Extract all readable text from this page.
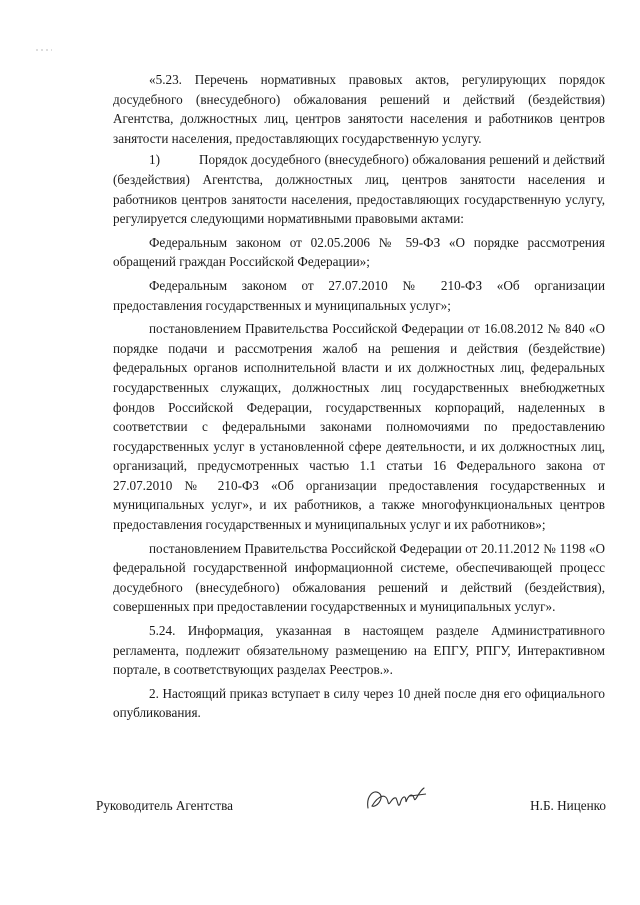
«5.23. Перечень нормативных правовых актов, регулирующих порядок досудебного (внесудебного) обжалования решений и действий (бездействия) Агентства, должностных лиц, центров занятости населения и работников центров занятости населения, предоставляющих государственную услугу.

1)	Порядок досудебного (внесудебного) обжалования решений и действий (бездействия) Агентства, должностных лиц, центров занятости населения и работников центров занятости населения, предоставляющих государственную услугу, регулируется следующими нормативными правовыми актами:

Федеральным законом от 02.05.2006 № 59-ФЗ «О порядке рассмотрения обращений граждан Российской Федерации»;

Федеральным законом от 27.07.2010 № 210-ФЗ «Об организации предоставления государственных и муниципальных услуг»;

постановлением Правительства Российской Федерации от 16.08.2012 № 840 «О порядке подачи и рассмотрения жалоб на решения и действия (бездействие) федеральных органов исполнительной власти и их должностных лиц, федеральных государственных служащих, должностных лиц государственных внебюджетных фондов Российской Федерации, государственных корпораций, наделенных в соответствии с федеральными законами полномочиями по предоставлению государственных услуг в установленной сфере деятельности, и их должностных лиц, организаций, предусмотренных частью 1.1 статьи 16 Федерального закона от 27.07.2010 № 210-ФЗ «Об организации предоставления государственных и муниципальных услуг», и их работников, а также многофункциональных центров предоставления государственных и муниципальных услуг и их работников»;

постановлением Правительства Российской Федерации от 20.11.2012 № 1198 «О федеральной государственной информационной системе, обеспечивающей процесс досудебного (внесудебного) обжалования решений и действий (бездействия), совершенных при предоставлении государственных и муниципальных услуг».

5.24. Информация, указанная в настоящем разделе Административного регламента, подлежит обязательному размещению на ЕПГУ, РПГУ, Интерактивном портале, в соответствующих разделах Реестров.».

2. Настоящий приказ вступает в силу через 10 дней после дня его официального опубликования.

Руководитель Агентства	Н.Б. Ниценко
